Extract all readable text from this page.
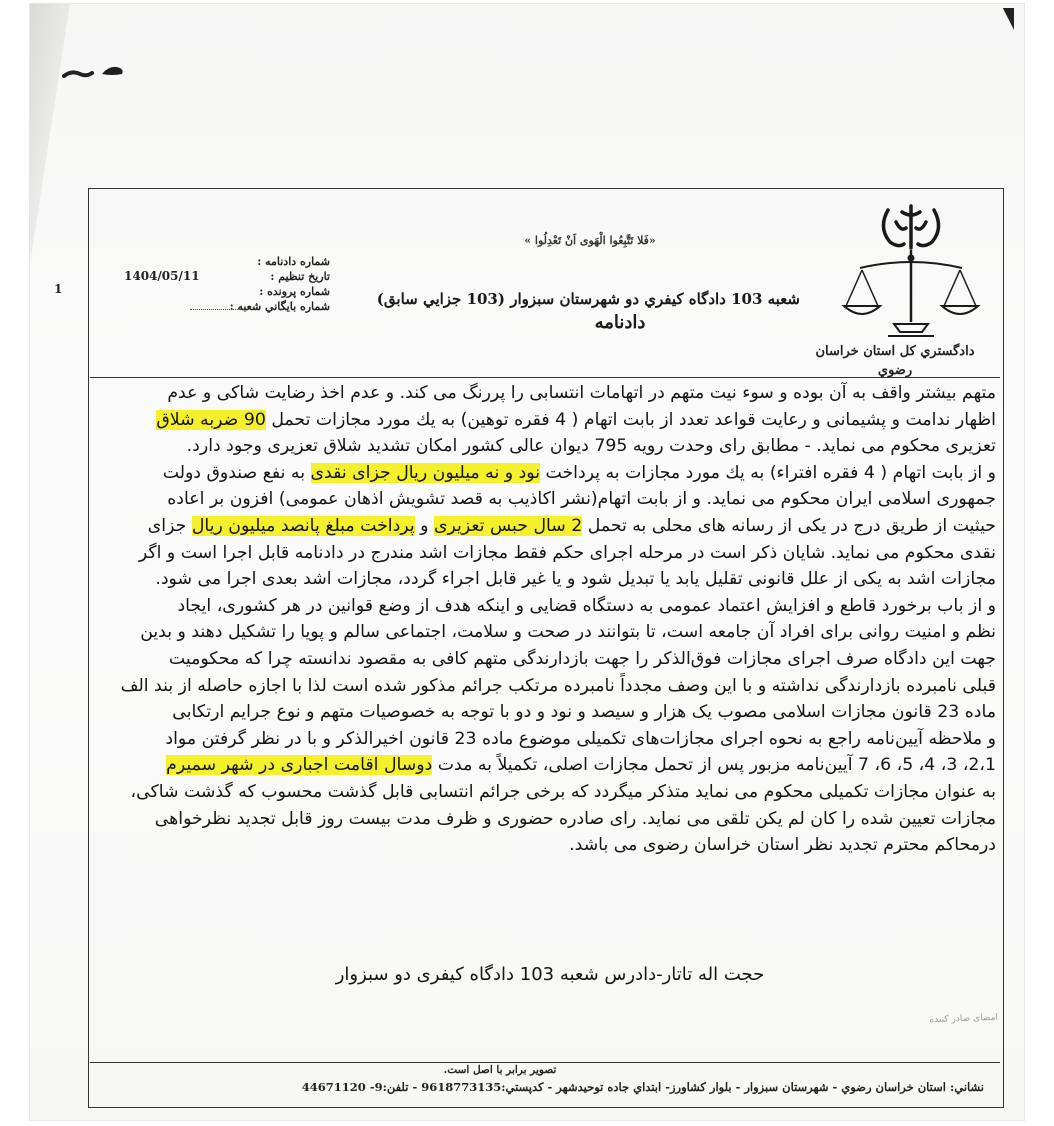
دادگستري كل استان خراسان
رضوي
«فَلا تَتَّبِعُوا الْهَوى اَنْ تَعْدِلُوا »
شعبه 103 دادگاه كيفري دو شهرستان سبزوار (103 جزايي سابق)
دادنامه
شماره دادنامه :
تاريخ تنظيم :
1404/05/11
شماره پرونده :
1
شماره بايگاني شعبه :

متهم بيشتر واقف به آن بوده و سوء نيت متهم در اتهامات انتسابی را پررنگ می كند. و عدم اخذ رضایت شاكی و عدم

اظهار ندامت و پشيمانی و رعايت قواعد تعدد از بابت اتهام ( 4 فقره توهين) به يك مورد مجازات تحمل 90 ضربه شلاق

تعزيری محكوم می نمايد. - مطابق رای وحدت رويه 795 ديوان عالی كشور امكان تشديد شلاق تعزيری وجود دارد.

و از بابت اتهام ( 4 فقره افتراء) به يك مورد مجازات به پرداخت نود و نه ميليون ريال جزای نقدی به نفع صندوق دولت

جمهوری اسلامی ايران محكوم می نمايد. و از بابت اتهام(نشر اكاذيب به قصد تشويش اذهان عمومی) افزون بر اعاده

حيثيت از طريق درج در يكی از رسانه های محلی به تحمل 2 سال حبس تعزيری و پرداخت مبلغ پانصد ميليون ريال جزای

نقدی محكوم می نمايد. شايان ذكر است در مرحله اجرای حكم فقط مجازات اشد مندرج در دادنامه قابل اجرا است و اگر

مجازات اشد به يكی از علل قانونی تقليل يابد يا تبديل شود و يا غير قابل اجراء گردد، مجازات اشد بعدی اجرا می شود.

و از باب برخورد قاطع و افزايش اعتماد عمومی به دستگاه قضايی و اينكه هدف از وضع قوانين در هر كشوری، ايجاد

نظم و امنيت روانی برای افراد آن جامعه است، تا بتوانند در صحت و سلامت، اجتماعی سالم و پويا را تشكيل دهند و بدين

جهت اين دادگاه صرف اجرای مجازات فوق‌الذكر را جهت بازدارندگی متهم كافی به مقصود ندانسته چرا كه محكوميت

قبلی نامبرده بازدارندگی نداشته و با اين وصف مجدداً نامبرده مرتكب جرائم مذكور شده است لذا با اجازه حاصله از بند الف

ماده 23 قانون مجازات اسلامی مصوب يک هزار و سيصد و نود و دو با توجه به خصوصيات متهم و نوع جرايم ارتكابی

و ملاحظه آيين‌نامه راجع به نحوه اجرای مجازات‌های تكميلی موضوع ماده 23 قانون اخيرالذكر و با در نظر گرفتن مواد

2،1، 3، 4، 5، 6، 7 آيين‌نامه مزبور پس از تحمل مجازات اصلی، تكميلاً به مدت دوسال اقامت اجباری در شهر سميرم

به عنوان مجازات تكميلی محكوم می نمايد متذكر ميگردد كه برخی جرائم انتسابی قابل گذشت محسوب كه گذشت شاكی،

مجازات تعيين شده را كان لم يكن تلقی می نمايد. رای صادره حضوری و ظرف مدت بيست روز قابل تجديد نظرخواهی

درمحاكم محترم تجديد نظر استان خراسان رضوی می باشد.

حجت اله تاتار-دادرس شعبه 103 دادگاه كيفری دو سبزوار
امضای صادر کننده
تصوير برابر با اصل است.
نشاني: استان خراسان رضوي - شهرستان سبزوار - بلوار كشاورز- ابتداي جاده توحيدشهر - كدپستي:9618773135 - تلفن:9- 44671120
